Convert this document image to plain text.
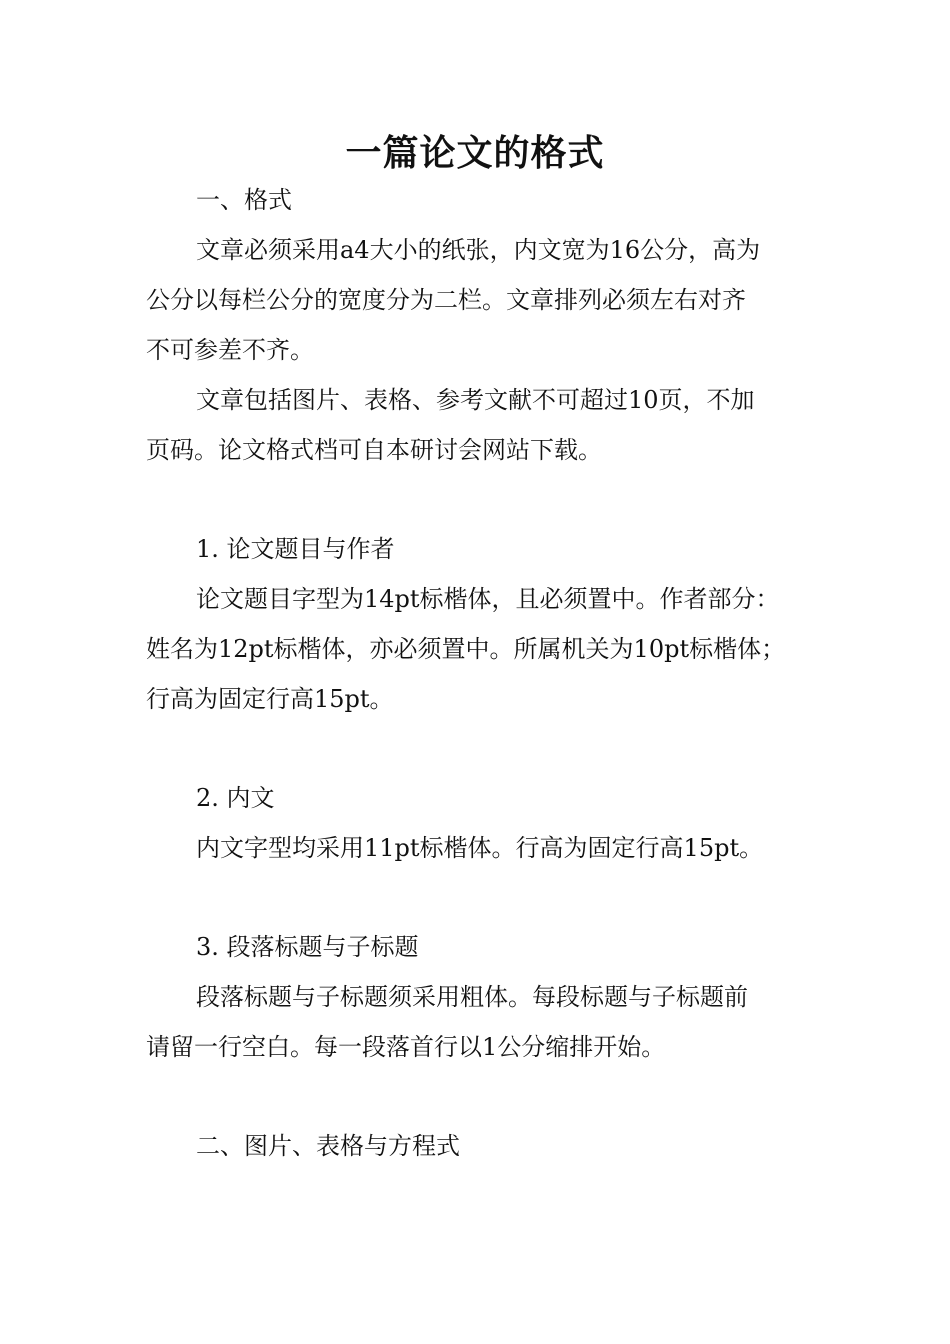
一篇论文的格式
一、格式
文章必须采用a4大小的纸张，内文宽为16公分，高为
公分以每栏公分的宽度分为二栏。文章排列必须左右对齐
不可参差不齐。
文章包括图片、表格、参考文献不可超过10页，不加
页码。论文格式档可自本研讨会网站下载。
1. 论文题目与作者
论文题目字型为14pt标楷体，且必须置中。作者部分：
姓名为12pt标楷体，亦必须置中。所属机关为10pt标楷体；
行高为固定行高15pt。
2. 内文
内文字型均采用11pt标楷体。行高为固定行高15pt。
3. 段落标题与子标题
段落标题与子标题须采用粗体。每段标题与子标题前
请留一行空白。每一段落首行以1公分缩排开始。
二、图片、表格与方程式
